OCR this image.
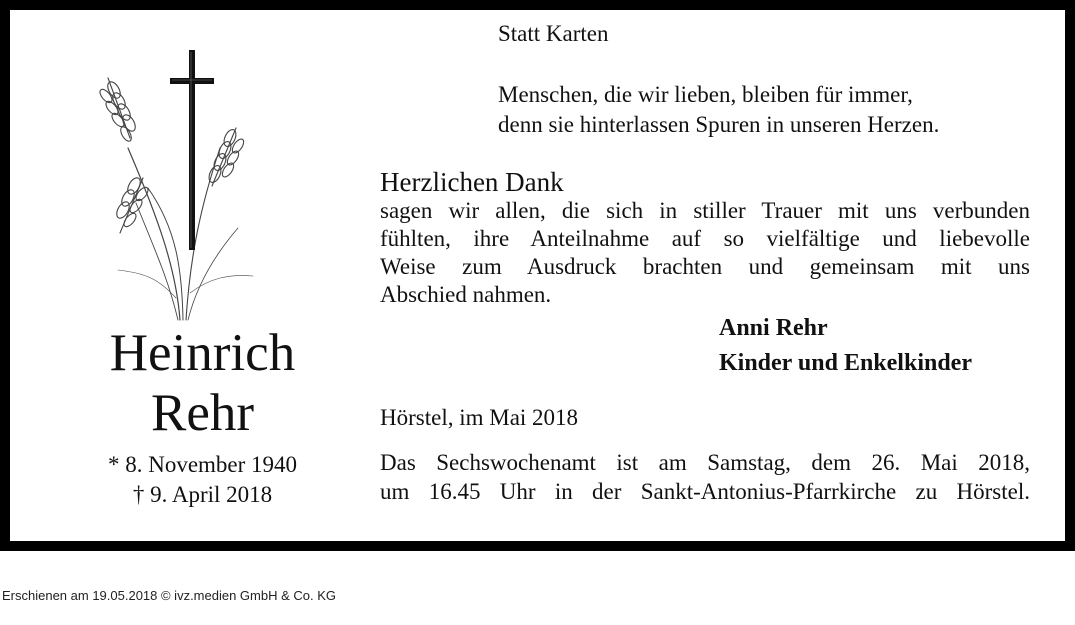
Heinrich
Rehr
* 8. November 1940
† 9. April 2018
Statt Karten
Menschen, die wir lieben, bleiben für immer,
denn sie hinterlassen Spuren in unseren Herzen.
Herzlichen Dank
sagen wir allen, die sich in stiller Trauer mit uns verbunden
fühlten, ihre Anteilnahme auf so vielfältige und liebevolle
Weise zum Ausdruck brachten und gemeinsam mit uns
Abschied nahmen.
Anni Rehr
Kinder und Enkelkinder
Hörstel, im Mai 2018
Das Sechswochenamt ist am Samstag, dem 26. Mai 2018,
um 16.45 Uhr in der Sankt-Antonius-Pfarrkirche zu Hörstel.
Erschienen am 19.05.2018 © ivz.medien GmbH & Co. KG
